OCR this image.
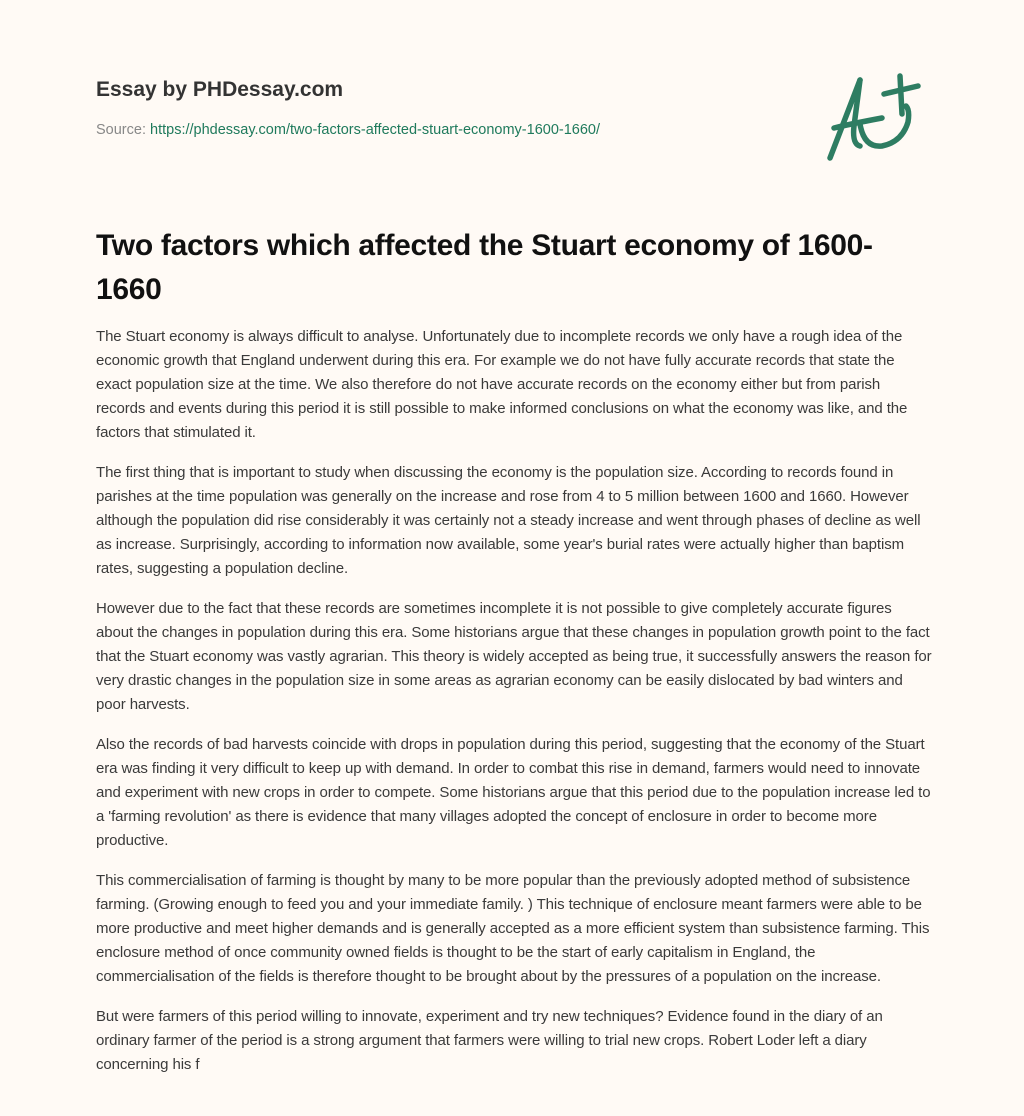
Essay by PHDessay.com
Source: https://phdessay.com/two-factors-affected-stuart-economy-1600-1660/
Two factors which affected the Stuart economy of 1600-1660

The Stuart economy is always difficult to analyse. Unfortunately due to incomplete records we only have a rough idea of the economic growth that England underwent during this era. For example we do not have fully accurate records that state the exact population size at the time. We also therefore do not have accurate records on the economy either but from parish records and events during this period it is still possible to make informed conclusions on what the economy was like, and the factors that stimulated it.

The first thing that is important to study when discussing the economy is the population size. According to records found in parishes at the time population was generally on the increase and rose from 4 to 5 million between 1600 and 1660. However although the population did rise considerably it was certainly not a steady increase and went through phases of decline as well as increase. Surprisingly, according to information now available, some year's burial rates were actually higher than baptism rates, suggesting a population decline.

However due to the fact that these records are sometimes incomplete it is not possible to give completely accurate figures about the changes in population during this era. Some historians argue that these changes in population growth point to the fact that the Stuart economy was vastly agrarian. This theory is widely accepted as being true, it successfully answers the reason for very drastic changes in the population size in some areas as agrarian economy can be easily dislocated by bad winters and poor harvests.

Also the records of bad harvests coincide with drops in population during this period, suggesting that the economy of the Stuart era was finding it very difficult to keep up with demand. In order to combat this rise in demand, farmers would need to innovate and experiment with new crops in order to compete. Some historians argue that this period due to the population increase led to a 'farming revolution' as there is evidence that many villages adopted the concept of enclosure in order to become more productive.

This commercialisation of farming is thought by many to be more popular than the previously adopted method of subsistence farming. (Growing enough to feed you and your immediate family. ) This technique of enclosure meant farmers were able to be more productive and meet higher demands and is generally accepted as a more efficient system than subsistence farming. This enclosure method of once community owned fields is thought to be the start of early capitalism in England, the commercialisation of the fields is therefore thought to be brought about by the pressures of a population on the increase.

But were farmers of this period willing to innovate, experiment and try new techniques? Evidence found in the diary of an ordinary farmer of the period is a strong argument that farmers were willing to trial new crops. Robert Loder left a diary concerning his f
